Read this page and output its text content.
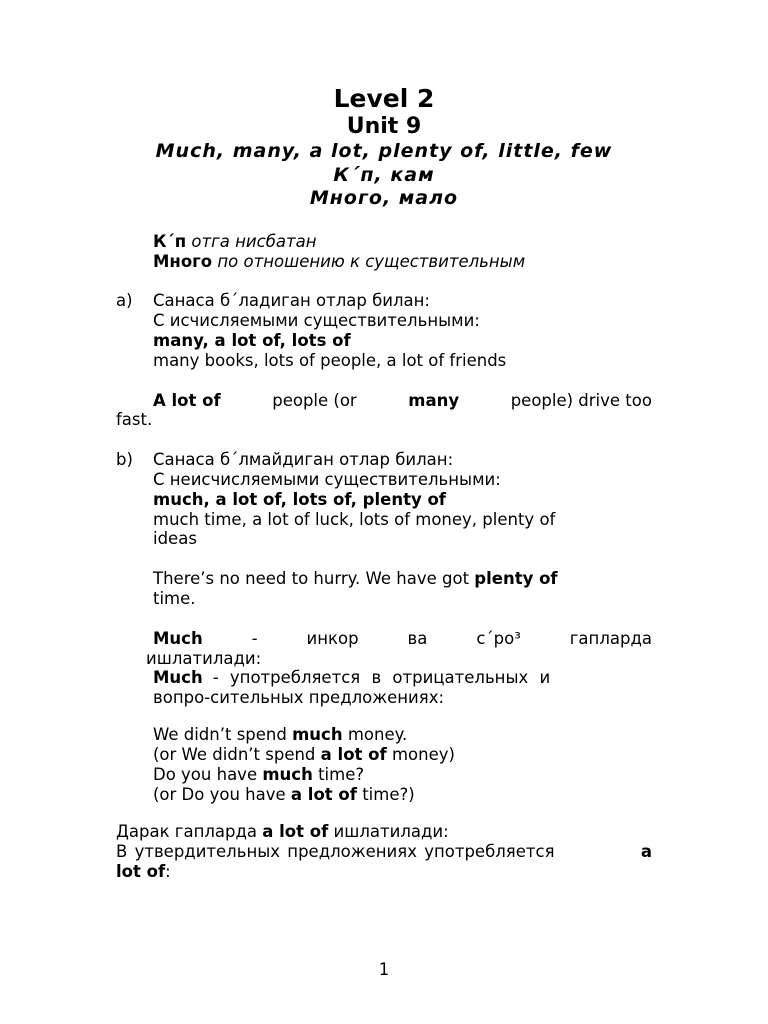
Level 2
Unit 9
Much, many, a lot, plenty of, little, few
К´п, кам
Много, мало
К´п отга нисбатан
Много по отношению к существительным
a) Санаса б´ладиган отлар билан:
С исчисляемыми существительными:
many, a lot of, lots of
many books, lots of people, a lot of friends
A lot of	people (or	many	people) drive too
fast.
b) Санаса б´лмайдиган отлар билан:
С неисчисляемыми существительными:
much, a lot of, lots of, plenty of
much time, a lot of luck, lots of money, plenty of
ideas
There’s no need to hurry. We have got plenty of
time.
Much	-	инкор	ва	с´ро³	гапларда
ишлатилади:
Much - употребляется в отрицательных и
вопро-сительных предложениях:
We didn’t spend much money.
(or We didn’t spend a lot of money)
Do you have much time?
(or Do you have a lot of time?)
Дарак гапларда a lot of ишлатилади:
В утвердительных предложениях употребляется	a
lot of:
1
